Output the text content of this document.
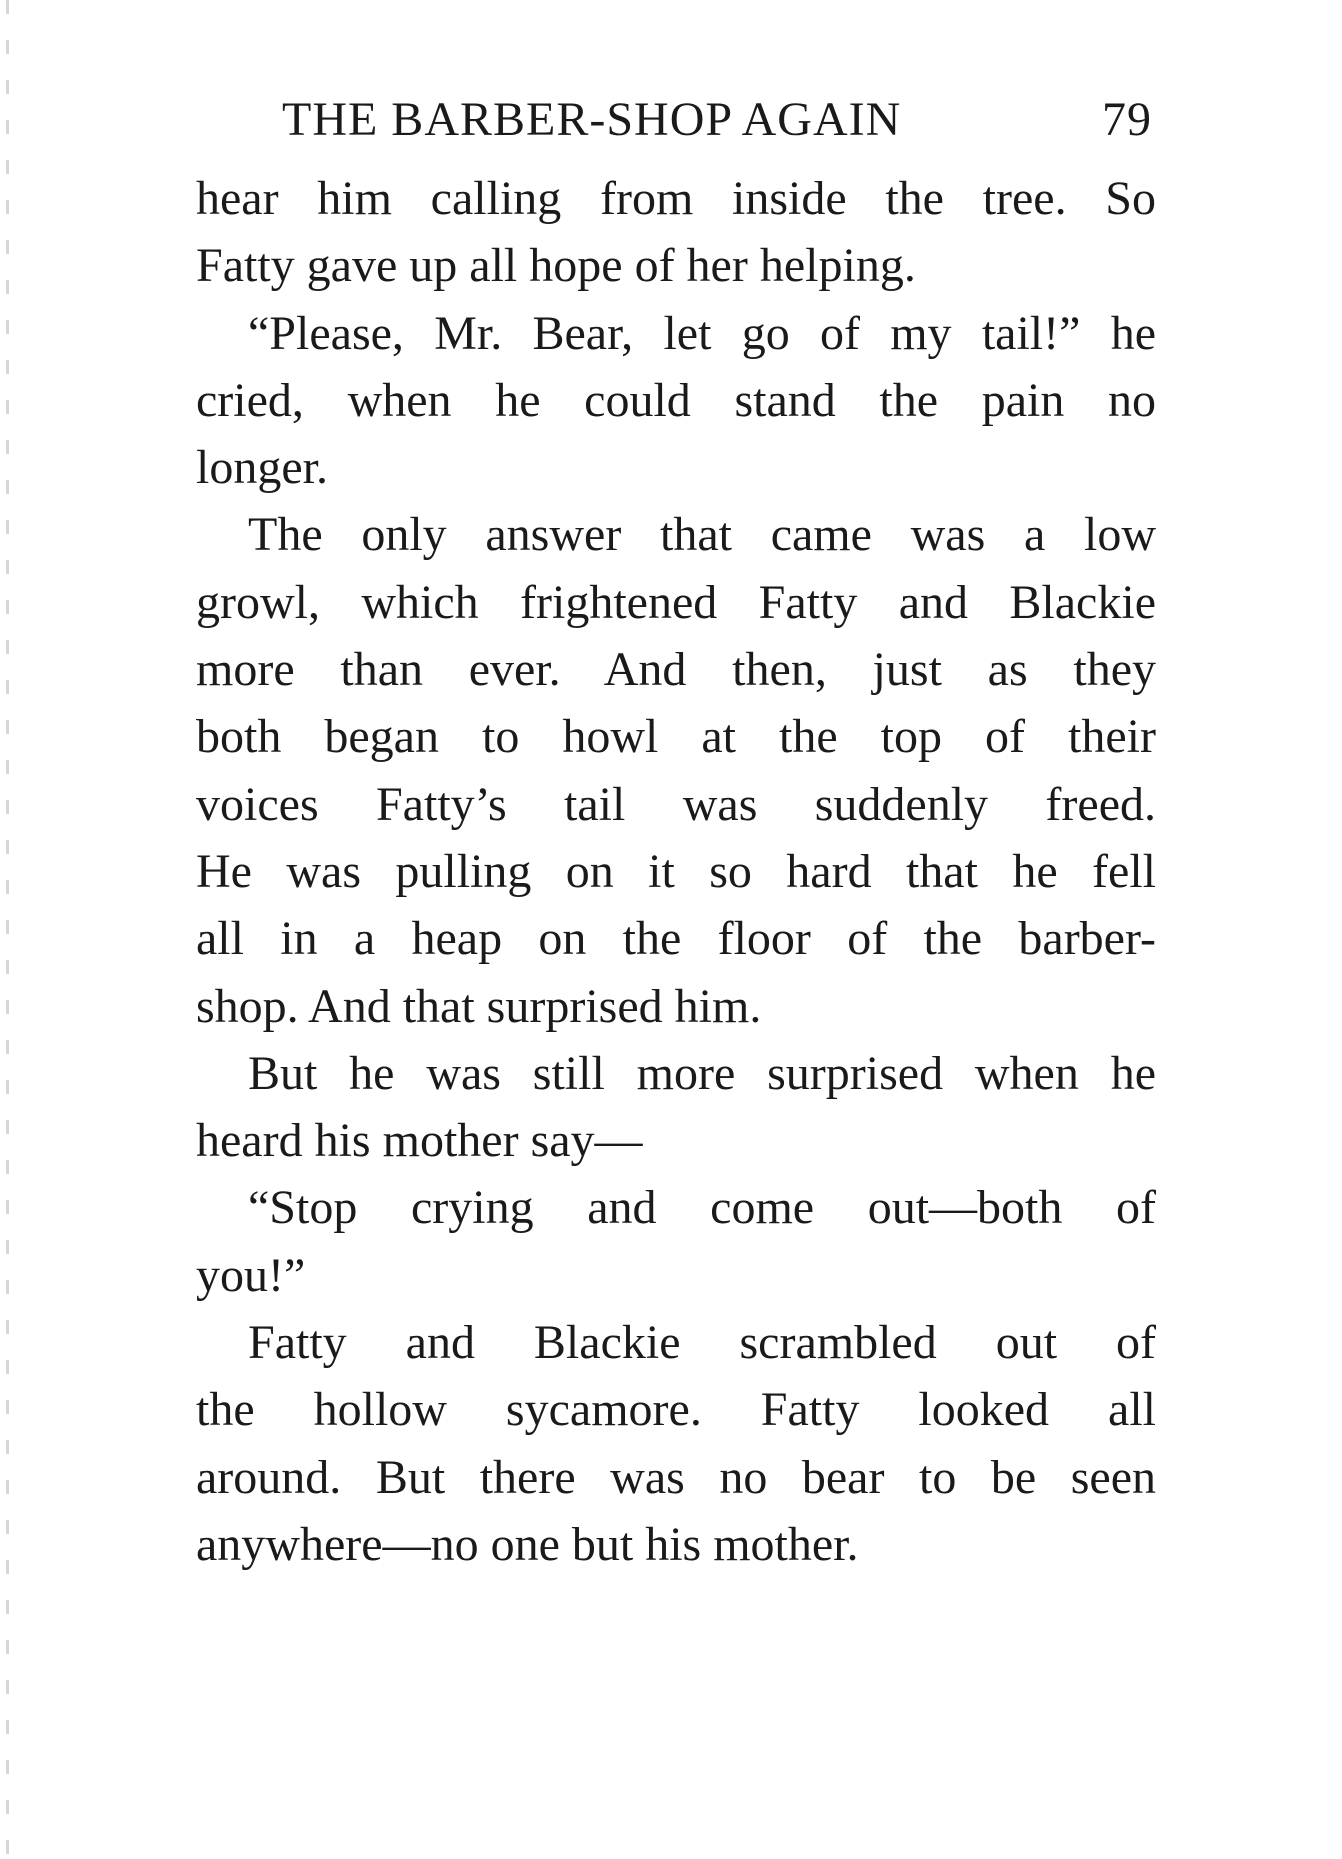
THE BARBER-SHOP AGAIN	79
hear him calling from inside the tree. So
Fatty gave up all hope of her helping.
“Please, Mr. Bear, let go of my tail!” he
cried, when he could stand the pain no
longer.
The only answer that came was a low
growl, which frightened Fatty and Blackie
more than ever. And then, just as they
both began to howl at the top of their
voices Fatty’s tail was suddenly freed.
He was pulling on it so hard that he fell
all in a heap on the floor of the barber-
shop. And that surprised him.
But he was still more surprised when he
heard his mother say—
“Stop crying and come out—both of
you!”
Fatty and Blackie scrambled out of
the hollow sycamore. Fatty looked all
around. But there was no bear to be seen
anywhere—no one but his mother.
